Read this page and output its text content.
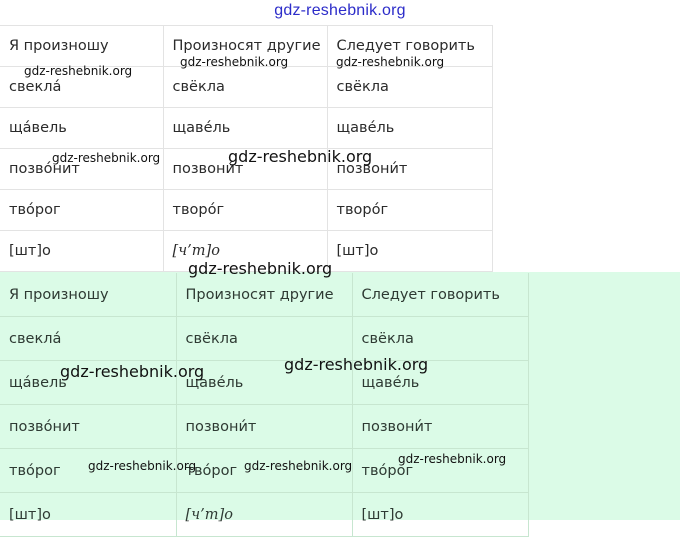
gdz-reshebnik.org
Я произношу	Произносят другие	Следует говорить
свекла́	свёкла	свёкла
ща́вель	щаве́ль	щаве́ль
позво́нит	позвони́т	позвони́т
тво́рог	творо́г	творо́г
[шт]о	[ч’т]о	[шт]о
Я произношу	Произносят другие	Следует говорить
свекла́	свёкла	свёкла
ща́вель	щаве́ль	щаве́ль
позво́нит	позвони́т	позвони́т
тво́рог	тво́рог	тво́рог
[шт]о	[ч’т]о	[шт]о
gdz-reshebnik.org
gdz-reshebnik.org	gdz-reshebnik.org
gdz-reshebnik.org	gdz-reshebnik.org
gdz-reshebnik.org
gdz-reshebnik.org
gdz-reshebnik.org
gdz-reshebnik.org	gdz-reshebnik.org	gdz-reshebnik.org
